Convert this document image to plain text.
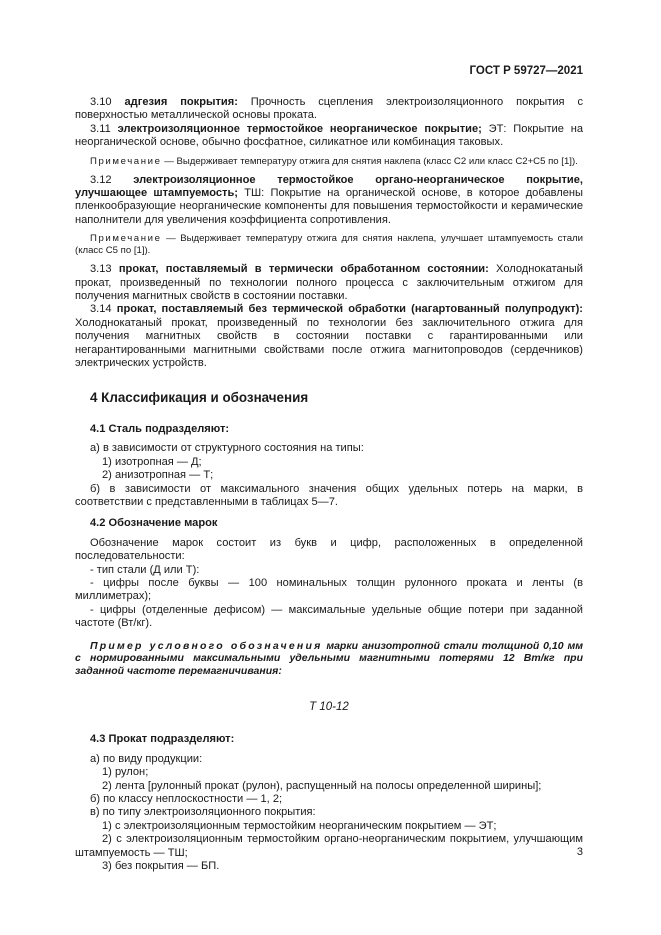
ГОСТ Р 59727—2021

3.10 адгезия покрытия: Прочность сцепления электроизоляционного покрытия с поверхностью металлической основы проката.

3.11 электроизоляционное термостойкое неорганическое покрытие; ЭТ: Покрытие на неорганической основе, обычно фосфатное, силикатное или комбинация таковых.

Примечание — Выдерживает температуру отжига для снятия наклепа (класс С2 или класс С2+С5 по [1]).

3.12 электроизоляционное термостойкое органо-неорганическое покрытие, улучшающее штампуемость; ТШ: Покрытие на органической основе, в которое добавлены пленкообразующие неорганические компоненты для повышения термостойкости и керамические наполнители для увеличения коэффициента сопротивления.

Примечание — Выдерживает температуру отжига для снятия наклепа, улучшает штампуемость стали (класс С5 по [1]).

3.13 прокат, поставляемый в термически обработанном состоянии: Холоднокатаный прокат, произведенный по технологии полного процесса с заключительным отжигом для получения магнитных свойств в состоянии поставки.

3.14 прокат, поставляемый без термической обработки (нагартованный полупродукт): Холоднокатаный прокат, произведенный по технологии без заключительного отжига для получения магнитных свойств в состоянии поставки с гарантированными или негарантированными магнитными свойствами после отжига магнитопроводов (сердечников) электрических устройств.

4 Классификация и обозначения

4.1 Сталь подразделяют:

а) в зависимости от структурного состояния на типы:

1) изотропная — Д;

2) анизотропная — Т;

б) в зависимости от максимального значения общих удельных потерь на марки, в соответствии с представленными в таблицах 5—7.

4.2 Обозначение марок

Обозначение марок состоит из букв и цифр, расположенных в определенной последовательности:

- тип стали (Д или Т):

- цифры после буквы — 100 номинальных толщин рулонного проката и ленты (в миллиметрах);

- цифры (отделенные дефисом) — максимальные удельные общие потери при заданной частоте (Вт/кг).

Пример условного обозначения марки анизотропной стали толщиной 0,10 мм с нормированными максимальными удельными магнитными потерями 12 Вт/кг при заданной частоте перемагничивания:

Т 10-12

4.3 Прокат подразделяют:

а) по виду продукции:

1) рулон;

2) лента [рулонный прокат (рулон), распущенный на полосы определенной ширины];

б) по классу неплоскостности — 1, 2;

в) по типу электроизоляционного покрытия:

1) с электроизоляционным термостойким неорганическим покрытием — ЭТ;

2) с электроизоляционным термостойким органо-неорганическим покрытием, улучшающим штампуемость — ТШ;

3) без покрытия — БП.

3
